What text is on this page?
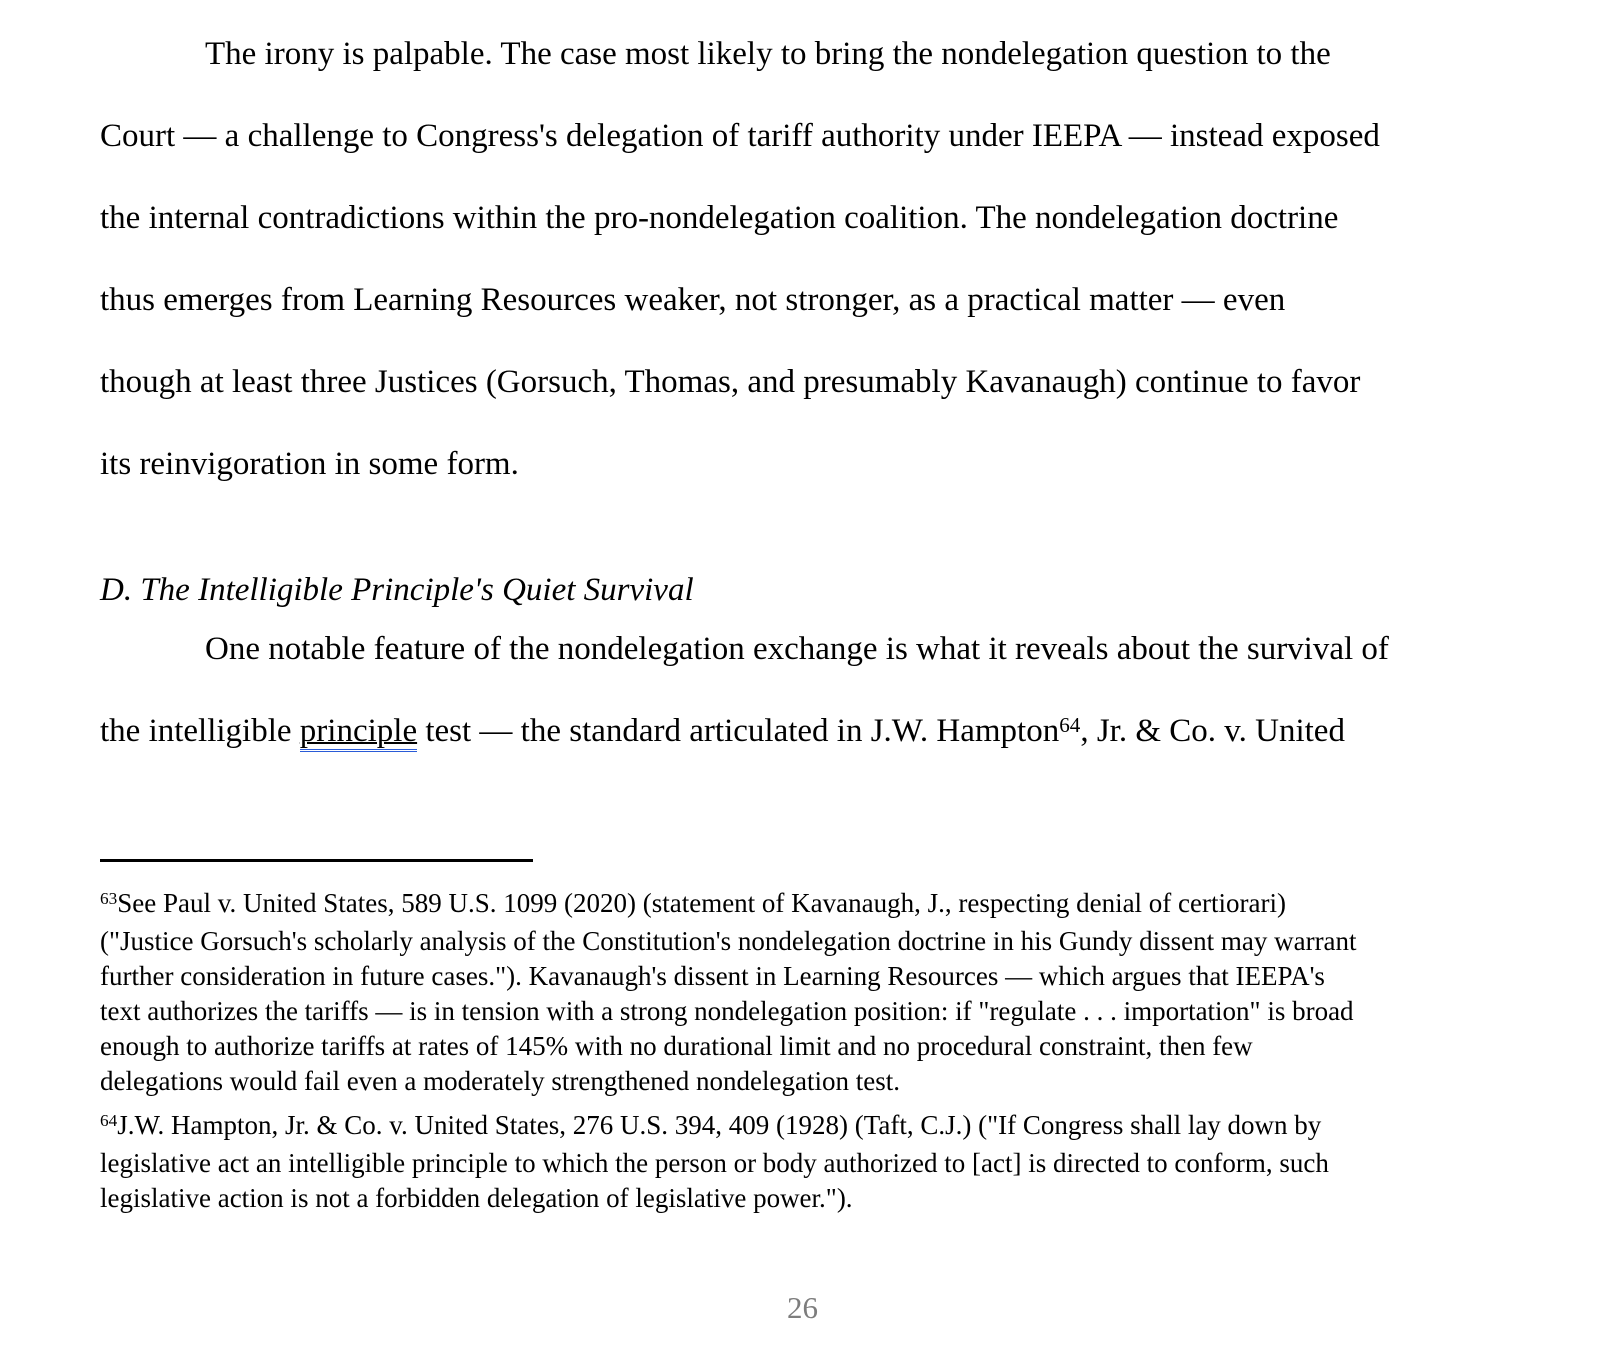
The irony is palpable. The case most likely to bring the nondelegation question to the
Court — a challenge to Congress's delegation of tariff authority under IEEPA — instead exposed
the internal contradictions within the pro-nondelegation coalition. The nondelegation doctrine
thus emerges from Learning Resources weaker, not stronger, as a practical matter — even
though at least three Justices (Gorsuch, Thomas, and presumably Kavanaugh) continue to favor
its reinvigoration in some form.
D. The Intelligible Principle's Quiet Survival
One notable feature of the nondelegation exchange is what it reveals about the survival of
the intelligible principle test — the standard articulated in J.W. Hampton$^{64}$, Jr. & Co. v. United
$^{63}$See Paul v. United States, 589 U.S. 1099 (2020) (statement of Kavanaugh, J., respecting denial of certiorari)
("Justice Gorsuch's scholarly analysis of the Constitution's nondelegation doctrine in his Gundy dissent may warrant
further consideration in future cases."). Kavanaugh's dissent in Learning Resources — which argues that IEEPA's
text authorizes the tariffs — is in tension with a strong nondelegation position: if "regulate . . . importation" is broad
enough to authorize tariffs at rates of 145% with no durational limit and no procedural constraint, then few
delegations would fail even a moderately strengthened nondelegation test.
$^{64}$J.W. Hampton, Jr. & Co. v. United States, 276 U.S. 394, 409 (1928) (Taft, C.J.) ("If Congress shall lay down by
legislative act an intelligible principle to which the person or body authorized to [act] is directed to conform, such
legislative action is not a forbidden delegation of legislative power.").
26
